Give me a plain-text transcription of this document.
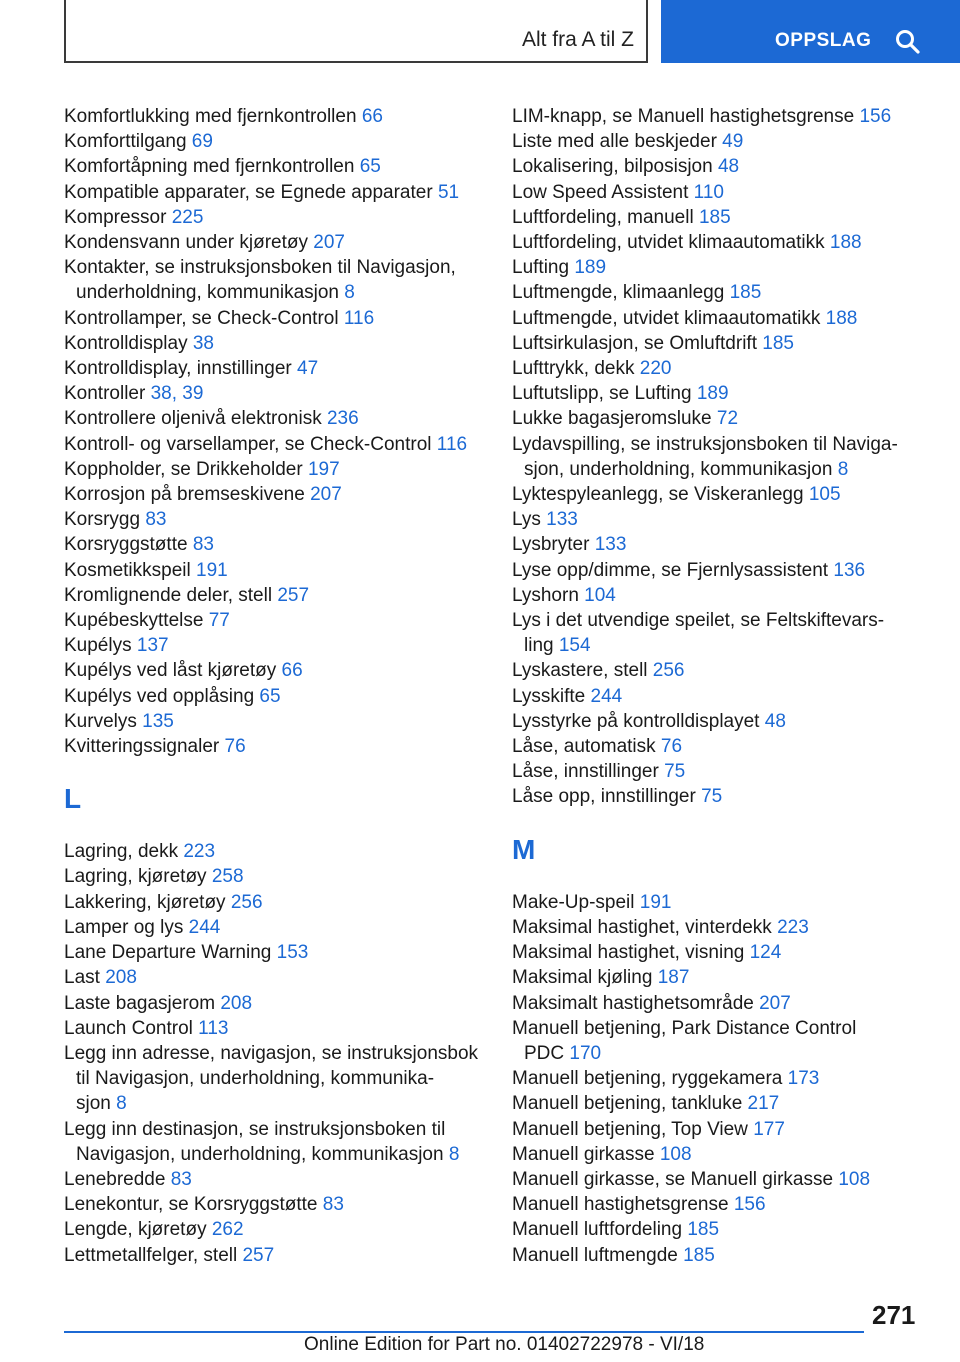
Alt fra A til Z	OPPSLAG
Komfortlukking med fjernkontrollen 66
Komforttilgang 69
Komfortåpning med fjernkontrollen 65
Kompatible apparater, se Egnede apparater 51
Kompressor 225
Kondensvann under kjøretøy 207
Kontakter, se instruksjonsboken til Navigasjon,
underholdning, kommunikasjon 8
Kontrollamper, se Check-Control 116
Kontrolldisplay 38
Kontrolldisplay, innstillinger 47
Kontroller 38, 39
Kontrollere oljenivå elektronisk 236
Kontroll- og varsellamper, se Check-Control 116
Koppholder, se Drikkeholder 197
Korrosjon på bremseskivene 207
Korsrygg 83
Korsryggstøtte 83
Kosmetikkspeil 191
Kromlignende deler, stell 257
Kupébeskyttelse 77
Kupélys 137
Kupélys ved låst kjøretøy 66
Kupélys ved opplåsing 65
Kurvelys 135
Kvitteringssignaler 76
L
Lagring, dekk 223
Lagring, kjøretøy 258
Lakkering, kjøretøy 256
Lamper og lys 244
Lane Departure Warning 153
Last 208
Laste bagasjerom 208
Launch Control 113
Legg inn adresse, navigasjon, se instruksjonsbok
til Navigasjon, underholdning, kommunika-
sjon 8
Legg inn destinasjon, se instruksjonsboken til
Navigasjon, underholdning, kommunikasjon 8
Lenebredde 83
Lenekontur, se Korsryggstøtte 83
Lengde, kjøretøy 262
Lettmetallfelger, stell 257
LIM-knapp, se Manuell hastighetsgrense 156
Liste med alle beskjeder 49
Lokalisering, bilposisjon 48
Low Speed Assistent 110
Luftfordeling, manuell 185
Luftfordeling, utvidet klimaautomatikk 188
Lufting 189
Luftmengde, klimaanlegg 185
Luftmengde, utvidet klimaautomatikk 188
Luftsirkulasjon, se Omluftdrift 185
Lufttrykk, dekk 220
Luftutslipp, se Lufting 189
Lukke bagasjeromsluke 72
Lydavspilling, se instruksjonsboken til Naviga-
sjon, underholdning, kommunikasjon 8
Lyktespyleanlegg, se Viskeranlegg 105
Lys 133
Lysbryter 133
Lyse opp/dimme, se Fjernlysassistent 136
Lyshorn 104
Lys i det utvendige speilet, se Feltskiftevars-
ling 154
Lyskastere, stell 256
Lysskifte 244
Lysstyrke på kontrolldisplayet 48
Låse, automatisk 76
Låse, innstillinger 75
Låse opp, innstillinger 75
M
Make-Up-speil 191
Maksimal hastighet, vinterdekk 223
Maksimal hastighet, visning 124
Maksimal kjøling 187
Maksimalt hastighetsområde 207
Manuell betjening, Park Distance Control
PDC 170
Manuell betjening, ryggekamera 173
Manuell betjening, tankluke 217
Manuell betjening, Top View 177
Manuell girkasse 108
Manuell girkasse, se Manuell girkasse 108
Manuell hastighetsgrense 156
Manuell luftfordeling 185
Manuell luftmengde 185
271
Online Edition for Part no. 01402722978 - VI/18
